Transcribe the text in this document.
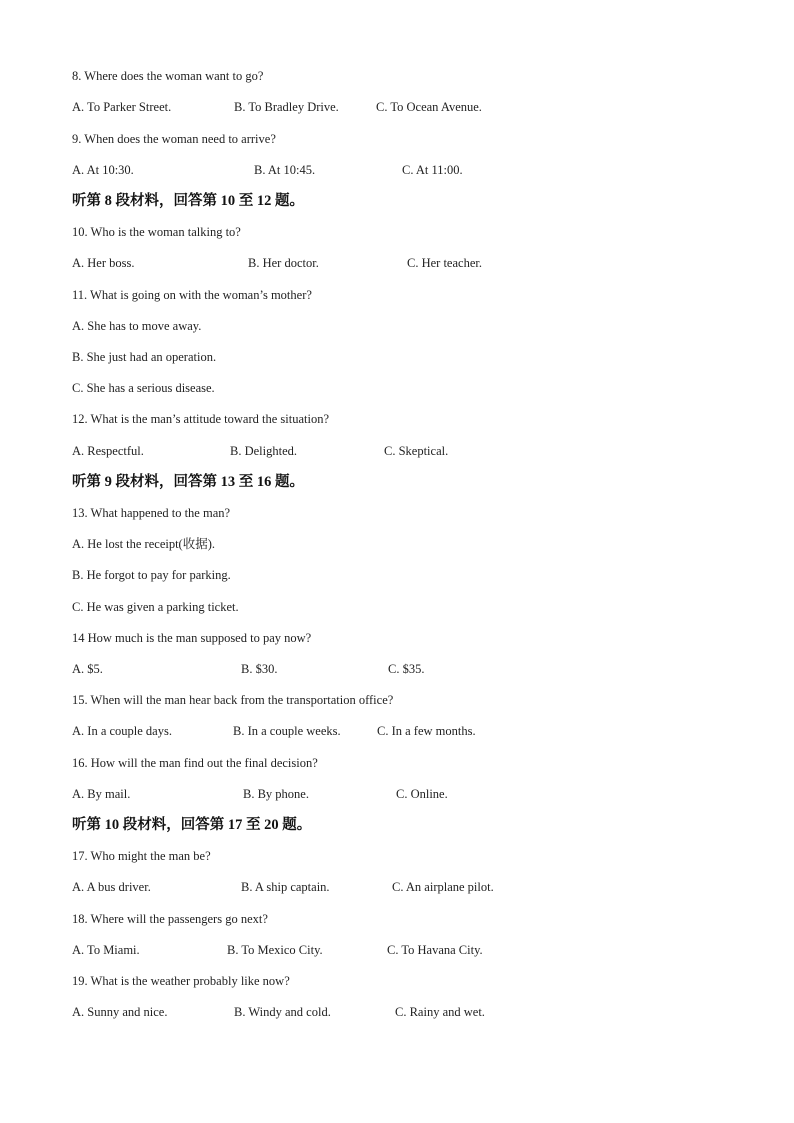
8. Where does the woman want to go?
A. To Parker Street.	B. To Bradley Drive.	C. To Ocean Avenue.
9. When does the woman need to arrive?
A. At 10:30.	B. At 10:45.	C. At 11:00.
听第 8 段材料，回答第 10 至 12 题。
10. Who is the woman talking to?
A. Her boss.	B. Her doctor.	C. Her teacher.
11. What is going on with the woman’s mother?
A. She has to move away.
B. She just had an operation.
C. She has a serious disease.
12. What is the man’s attitude toward the situation?
A. Respectful.	B. Delighted.	C. Skeptical.
听第 9 段材料，回答第 13 至 16 题。
13. What happened to the man?
A. He lost the receipt(收据).
B. He forgot to pay for parking.
C. He was given a parking ticket.
14 How much is the man supposed to pay now?
A. $5.	B. $30.	C. $35.
15. When will the man hear back from the transportation office?
A. In a couple days.	B. In a couple weeks.	C. In a few months.
16. How will the man find out the final decision?
A. By mail.	B. By phone.	C. Online.
听第 10 段材料，回答第 17 至 20 题。
17. Who might the man be?
A. A bus driver.	B. A ship captain.	C. An airplane pilot.
18. Where will the passengers go next?
A. To Miami.	B. To Mexico City.	C. To Havana City.
19. What is the weather probably like now?
A. Sunny and nice.	B. Windy and cold.	C. Rainy and wet.
